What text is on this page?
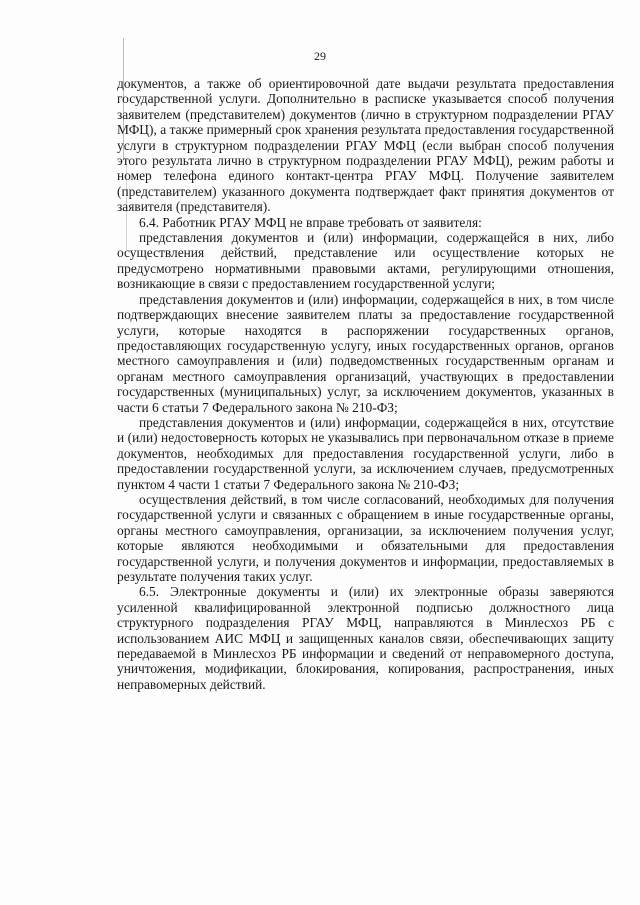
29

документов, а также об ориентировочной дате выдачи результата предоставления государственной услуги. Дополнительно в расписке указывается способ получения заявителем (представителем) документов (лично в структурном подразделении РГАУ МФЦ), а также примерный срок хранения результата предоставления государственной услуги в структурном подразделении РГАУ МФЦ (если выбран способ получения этого результата лично в структурном подразделении РГАУ МФЦ), режим работы и номер телефона единого контакт-центра РГАУ МФЦ. Получение заявителем (представителем) указанного документа подтверждает факт принятия документов от заявителя (представителя).

6.4. Работник РГАУ МФЦ не вправе требовать от заявителя:

представления документов и (или) информации, содержащейся в них, либо осуществления действий, представление или осуществление которых не предусмотрено нормативными правовыми актами, регулирующими отношения, возникающие в связи с предоставлением государственной услуги;

представления документов и (или) информации, содержащейся в них, в том числе подтверждающих внесение заявителем платы за предоставление государственной услуги, которые находятся в распоряжении государственных органов, предоставляющих государственную услугу, иных государственных органов, органов местного самоуправления и (или) подведомственных государственным органам и органам местного самоуправления организаций, участвующих в предоставлении государственных (муниципальных) услуг, за исключением документов, указанных в части 6 статьи 7 Федерального закона № 210-ФЗ;

представления документов и (или) информации, содержащейся в них, отсутствие и (или) недостоверность которых не указывались при первоначальном отказе в приеме документов, необходимых для предоставления государственной услуги, либо в предоставлении государственной услуги, за исключением случаев, предусмотренных пунктом 4 части 1 статьи 7 Федерального закона № 210-ФЗ;

осуществления действий, в том числе согласований, необходимых для получения государственной услуги и связанных с обращением в иные государственные органы, органы местного самоуправления, организации, за исключением получения услуг, которые являются необходимыми и обязательными для предоставления государственной услуги, и получения документов и информации, предоставляемых в результате получения таких услуг.

6.5. Электронные документы и (или) их электронные образы заверяются усиленной квалифицированной электронной подписью должностного лица структурного подразделения РГАУ МФЦ, направляются в Минлесхоз РБ с использованием АИС МФЦ и защищенных каналов связи, обеспечивающих защиту передаваемой в Минлесхоз РБ информации и сведений от неправомерного доступа, уничтожения, модификации, блокирования, копирования, распространения, иных неправомерных действий.
